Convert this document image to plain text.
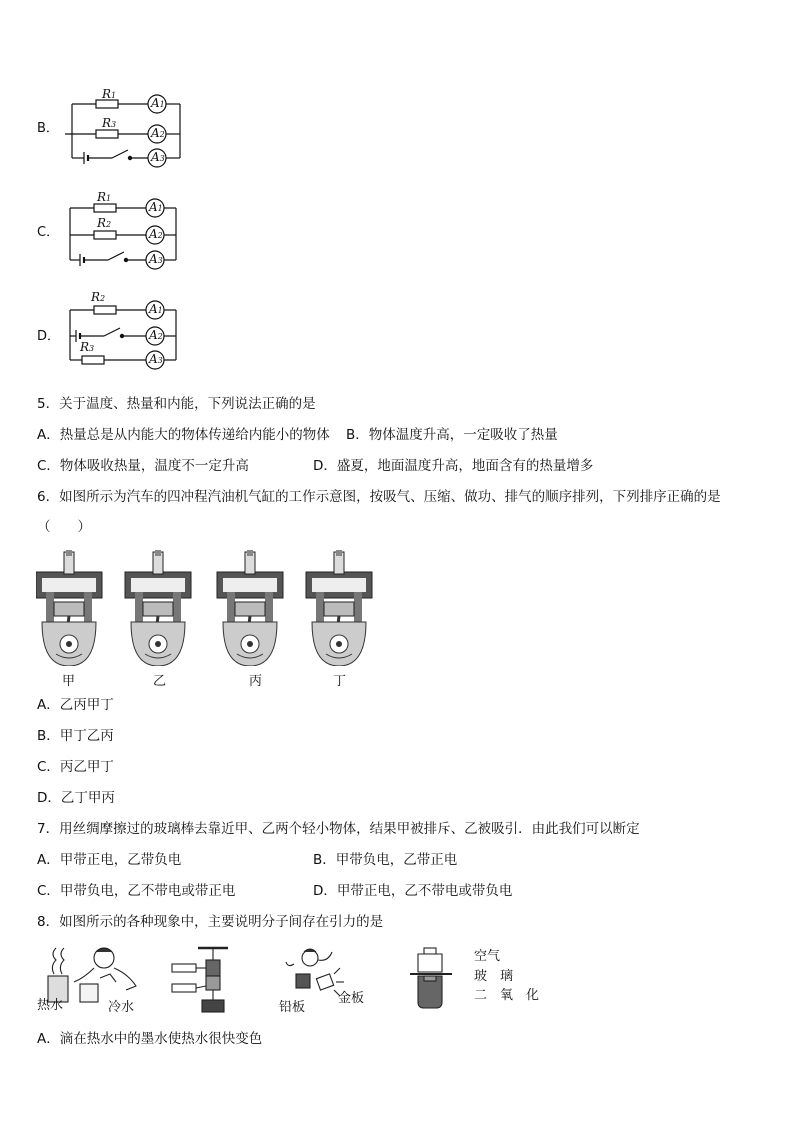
B．
R1
R3
A1
A2
A3
C．
R1
R2
A1
A2
A3
D．
R2
R3
A1
A2
A3
5．关于温度、热量和内能，下列说法正确的是
A．热量总是从内能大的物体传递给内能小的物体 B．物体温度升高，一定吸收了热量
C．物体吸收热量，温度不一定升高	D．盛夏，地面温度升高，地面含有的热量增多
6．如图所示为汽车的四冲程汽油机气缸的工作示意图，按吸气、压缩、做功、排气的顺序排列，下列排序正确的是
（　　）
甲	乙	丙	丁
A．乙丙甲丁
B．甲丁乙丙
C．丙乙甲丁
D．乙丁甲丙
7．用丝绸摩擦过的玻璃棒去靠近甲、乙两个轻小物体，结果甲被排斥、乙被吸引．由此我们可以断定
A．甲带正电，乙带负电	B．甲带负电，乙带正电
C．甲带负电，乙不带电或带正电	D．甲带正电，乙不带电或带负电
8．如图所示的各种现象中，主要说明分子间存在引力的是
热水	冷水	铅板
金板
空气
玻　璃
二　氧　化
A．滴在热水中的墨水使热水很快变色
